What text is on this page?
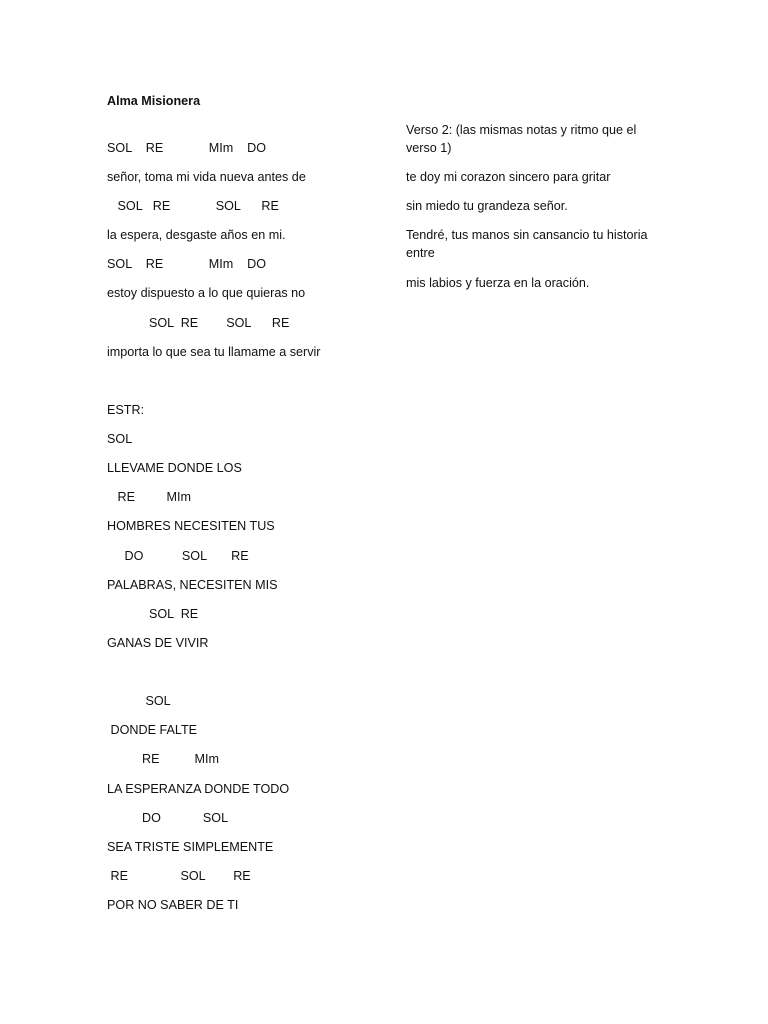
Alma Misionera
SOL    RE             MIm    DO
señor, toma mi vida nueva antes de
SOL   RE             SOL      RE
la espera, desgaste años en mi.
SOL    RE             MIm    DO
estoy dispuesto a lo que quieras no
SOL  RE        SOL      RE
importa lo que sea tu llamame a servir
ESTR:
SOL
LLEVAME DONDE LOS
RE         MIm
HOMBRES NECESITEN TUS
DO           SOL       RE
PALABRAS, NECESITEN MIS
SOL  RE
GANAS DE VIVIR
SOL
DONDE FALTE
RE          MIm
LA ESPERANZA DONDE TODO
DO            SOL
SEA TRISTE SIMPLEMENTE
RE               SOL        RE
POR NO SABER DE TI
Verso 2: (las mismas notas y ritmo que el verso 1)
te doy mi corazon sincero para gritar
sin miedo tu grandeza señor.
Tendré, tus manos sin cansancio tu historia entre
mis labios y fuerza en la oración.
